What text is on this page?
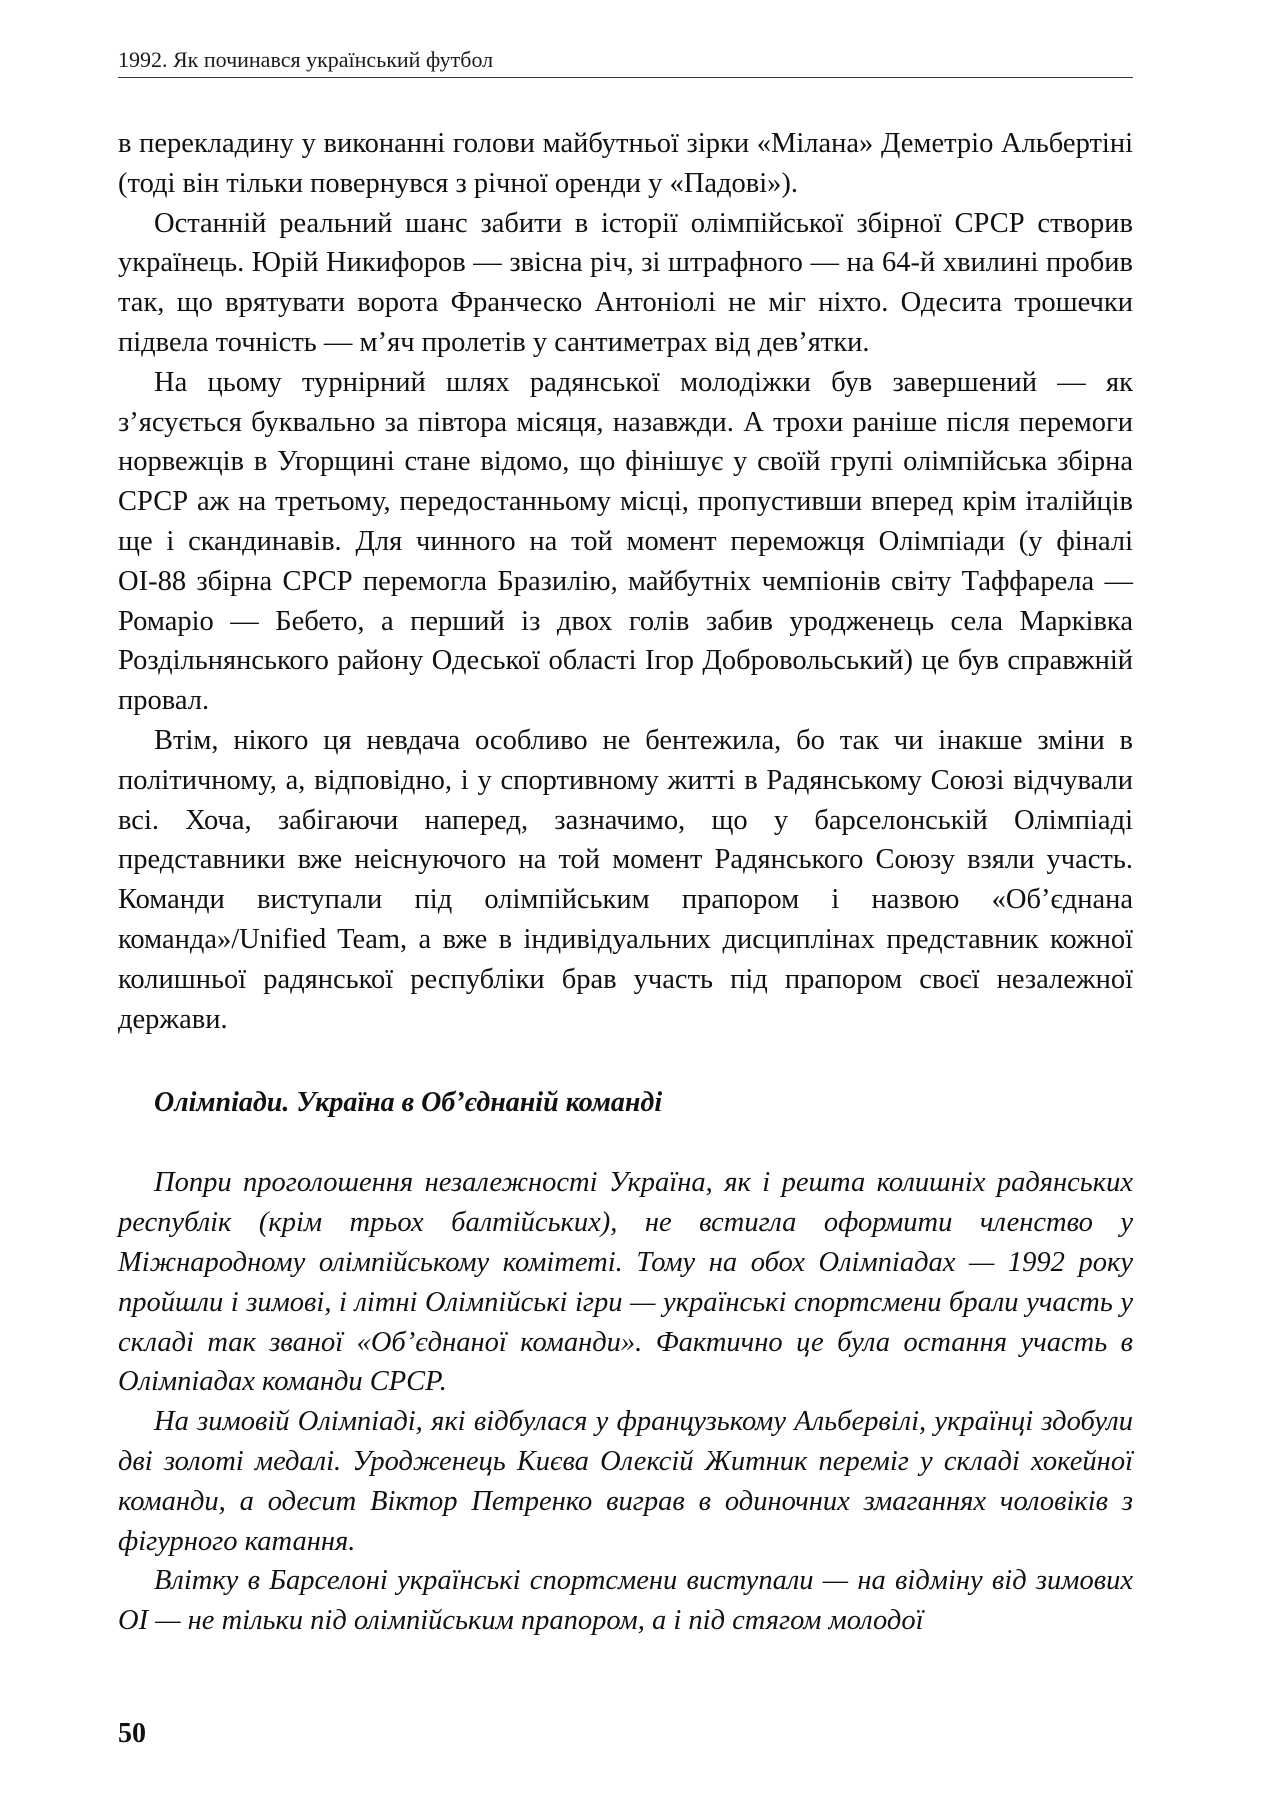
1992. Як починався український футбол

в перекладину у виконанні голови майбутньої зірки «Мілана» Деметріо Альбертіні (тоді він тільки повернувся з річної оренди у «Падові»).

Останній реальний шанс забити в історії олімпійської збірної СРСР створив українець. Юрій Никифоров — звісна річ, зі штрафного — на 64-й хвилині пробив так, що врятувати ворота Франческо Антоніолі не міг ніхто. Одесита трошечки підвела точність — м’яч пролетів у сантиметрах від дев’ятки.

На цьому турнірний шлях радянської молодіжки був завершений — як з’ясується буквально за півтора місяця, назавжди. А трохи раніше після перемоги норвежців в Угорщині стане відомо, що фінішує у своїй групі олімпійська збірна СРСР аж на третьому, передостанньому місці, пропустивши вперед крім італійців ще і скандинавів. Для чинного на той момент переможця Олімпіади (у фіналі ОІ-88 збірна СРСР перемогла Бразилію, майбутніх чемпіонів світу Таффарела — Ромаріо — Бебето, а перший із двох голів забив уродженець села Марківка Роздільнянського району Одеської області Ігор Добровольський) це був справжній провал.

Втім, нікого ця невдача особливо не бентежила, бо так чи інакше зміни в політичному, а, відповідно, і у спортивному житті в Радянському Союзі відчували всі. Хоча, забігаючи наперед, зазначимо, що у барселонській Олімпіаді представники вже неіснуючого на той момент Радянського Союзу взяли участь. Команди виступали під олімпійським прапором і назвою «Об’єднана команда»/Unified Team, а вже в індивідуальних дисциплінах представник кожної колишньої радянської республіки брав участь під прапором своєї незалежної держави.

Олімпіади. Україна в Об’єднаній команді

Попри проголошення незалежності Україна, як і решта колишніх радянських республік (крім трьох балтійських), не встигла оформити членство у Міжнародному олімпійському комітеті. Тому на обох Олімпіадах — 1992 року пройшли і зимові, і літні Олімпійські ігри — українські спортсмени брали участь у складі так званої «Об’єднаної команди». Фактично це була остання участь в Олімпіадах команди СРСР.

На зимовій Олімпіаді, які відбулася у французькому Альбервілі, українці здобули дві золоті медалі. Уродженець Києва Олексій Житник переміг у складі хокейної команди, а одесит Віктор Петренко виграв в одиночних змаганнях чоловіків з фігурного катання.

Влітку в Барселоні українські спортсмени виступали — на відміну від зимових ОІ — не тільки під олімпійським прапором, а і під стягом молодої

50
